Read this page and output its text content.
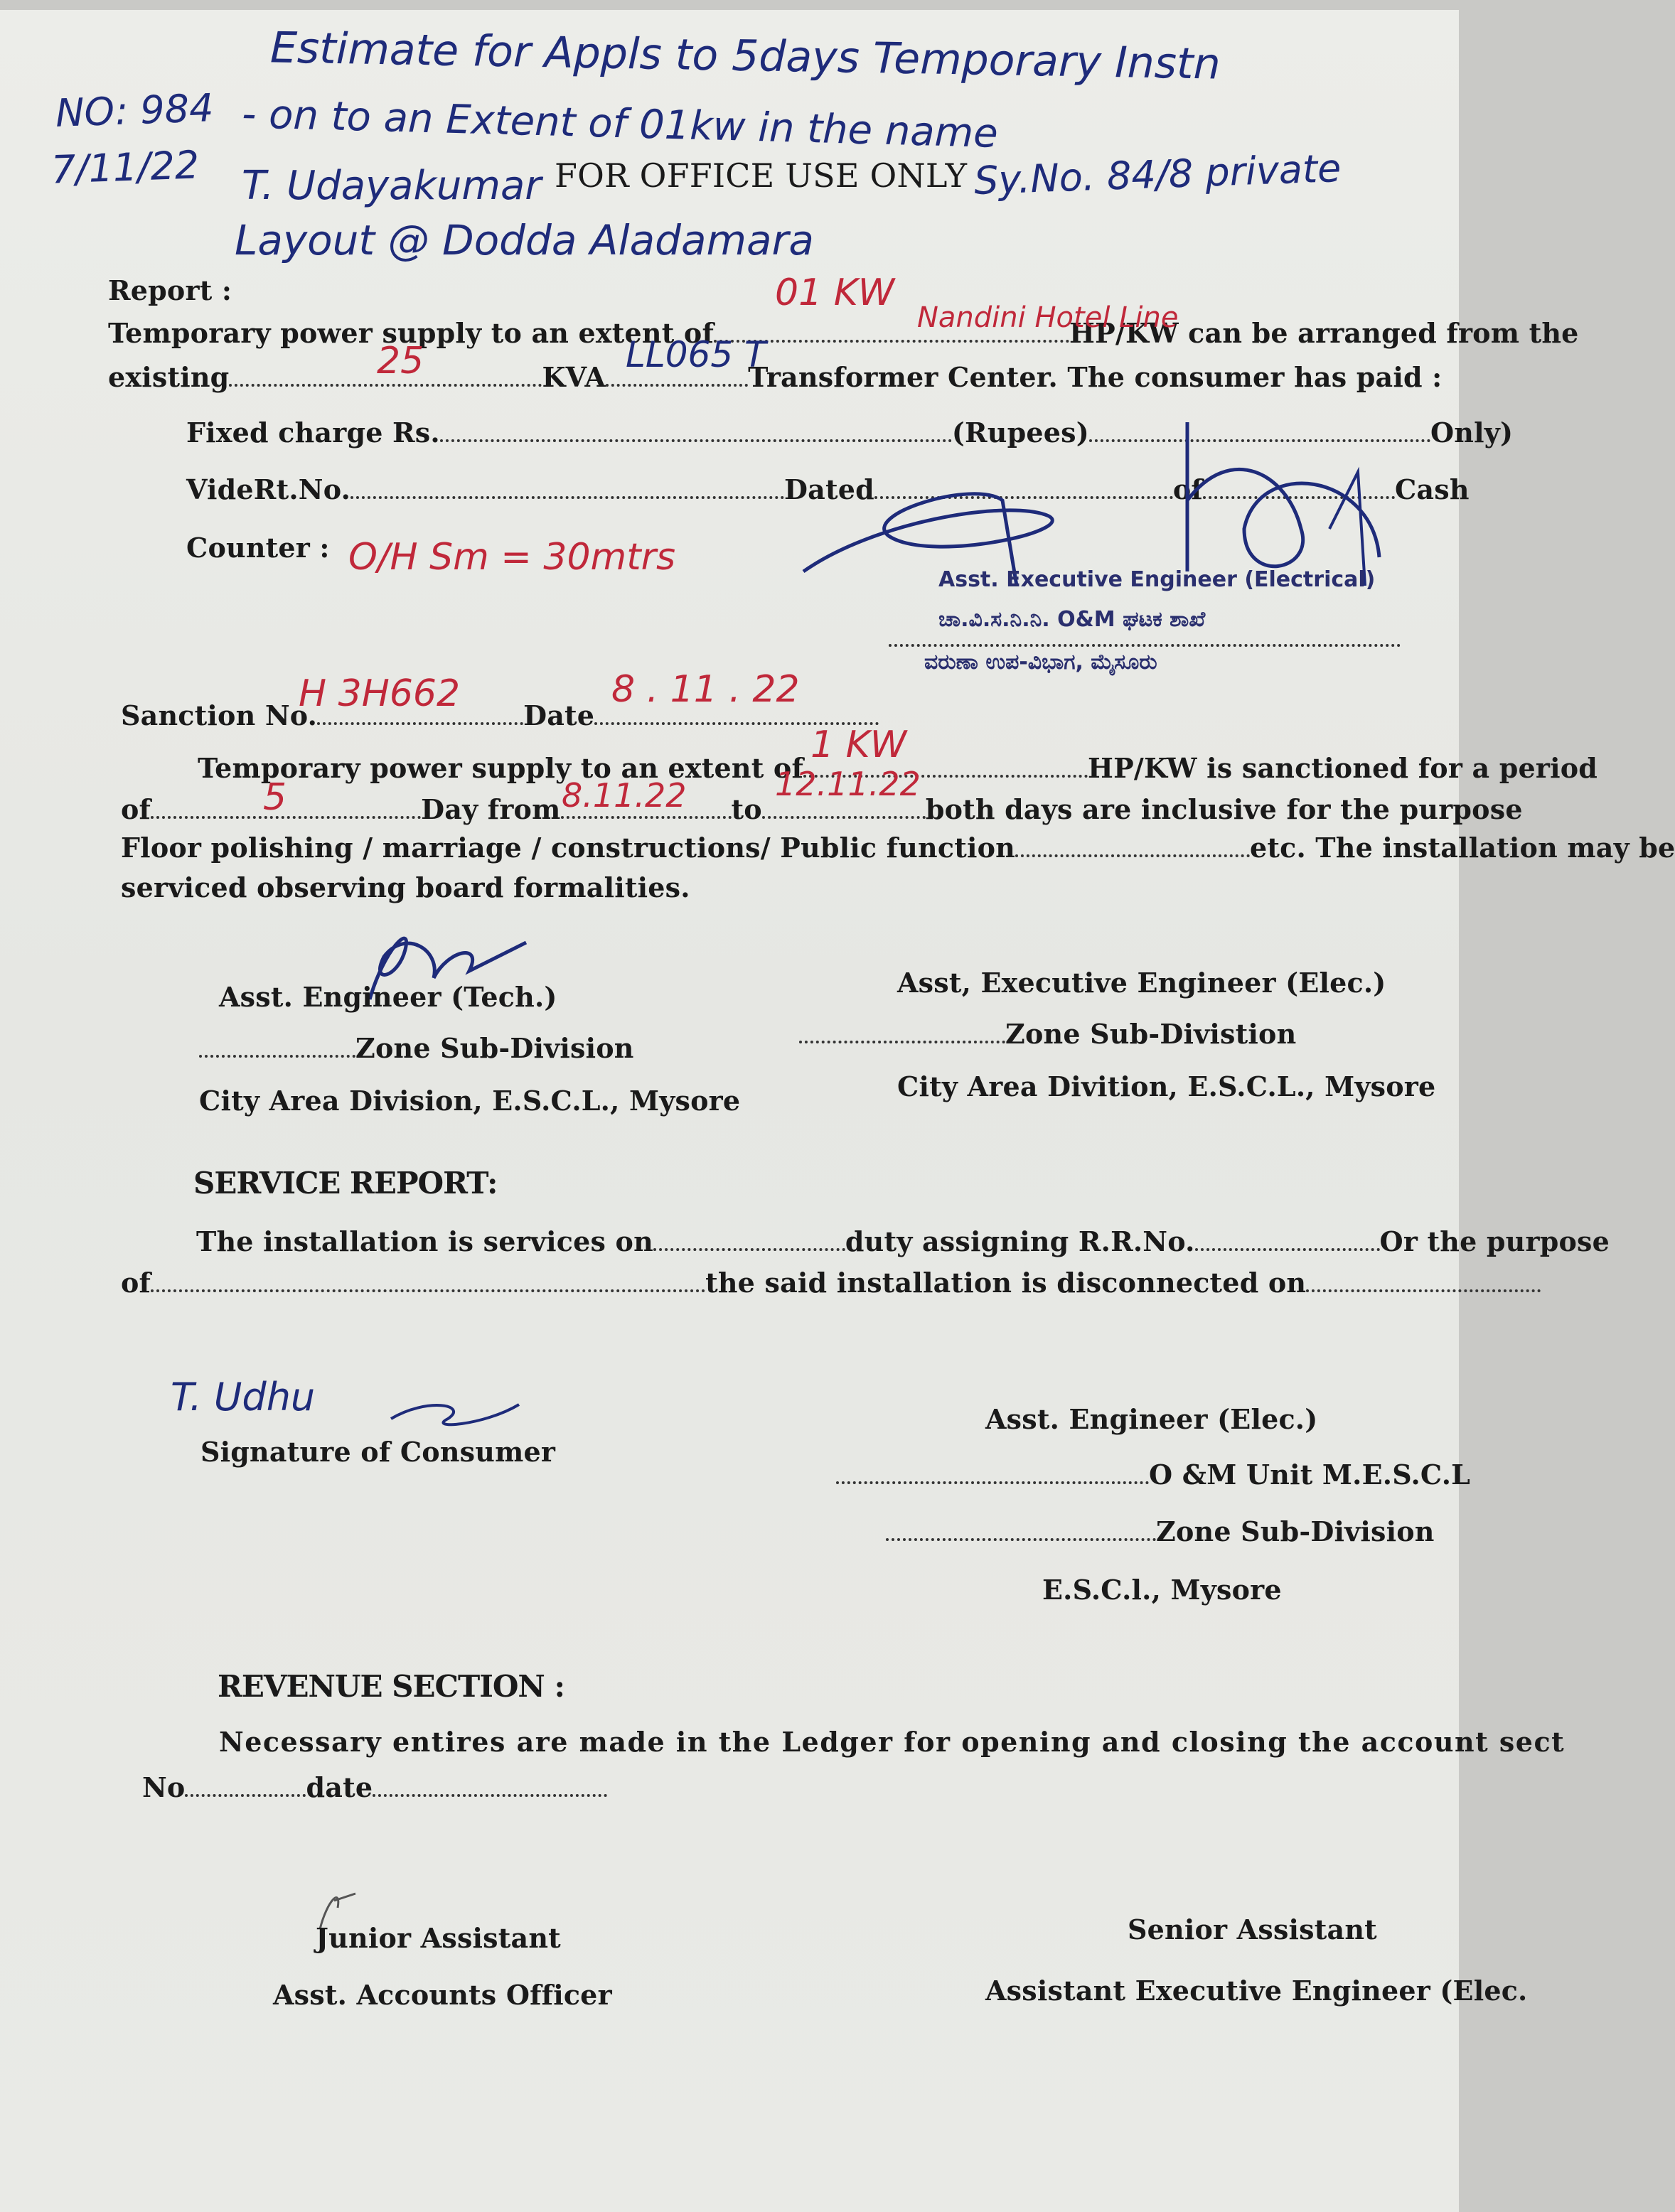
NO: 984
7/11/22
Estimate for Appls to 5days Temporary Instn
- on to an Extent of 01kw in the name
T. Udayakumar	Sy.No. 84/8 private
Layout @ Dodda Aladamara
FOR OFFICE USE ONLY
Report :
Temporary power supply to an extent of	HP/KW can be arranged from the
existing	KVA	Transformer Center. The consumer has paid :
01 KW
Nandini Hotel Line
25	LL065 T
Fixed charge Rs.	(Rupees)	Only)
VideRt.No.	Dated	of	Cash
Counter : O/H Sm = 30mtrs
Asst. Executive Engineer (Electrical)
ಚಾ.ವಿ.ಸ.ನಿ.ನಿ. O&M ಘಟಕ ಶಾಖೆ
ವರುಣಾ ಉಪ-ವಿಭಾಗ, ಮೈಸೂರು
Sanction No.	Date
H 3H662	8 . 11 . 22
Temporary power supply to an extent of	HP/KW is sanctioned for a period
1 KW
of	Day from	to	both days are inclusive for the purpose
5	8.11.22	12.11.22
Floor polishing / marriage / constructions/ Public function	etc. The installation may be
serviced observing board formalities.
Asst. Engineer (Tech.)	Asst, Executive Engineer (Elec.)
Zone Sub-Division	Zone Sub-Divistion
City Area Division, E.S.C.L., Mysore	City Area Divition, E.S.C.L., Mysore
SERVICE REPORT:
The installation is services on	duty assigning R.R.No.	Or the purpose
of	the said installation is disconnected on
T. Udhu
Signature of Consumer
Asst. Engineer (Elec.)
O &M Unit M.E.S.C.L
Zone Sub-Division
E.S.C.l., Mysore
REVENUE SECTION :
Necessary entires are made in the Ledger for opening and closing the account sect
No	date
Junior Assistant	Senior Assistant
Asst. Accounts Officer	Assistant Executive Engineer (Elec.
